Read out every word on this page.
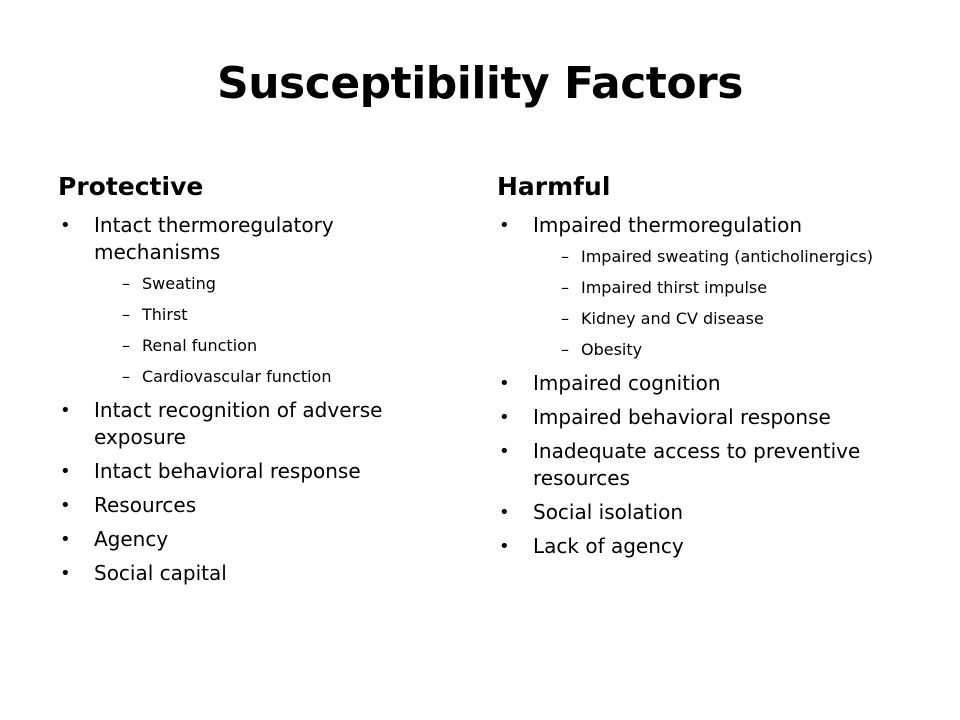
Susceptibility Factors
Protective
• Intact thermoregulatory mechanisms
– Sweating
– Thirst
– Renal function
– Cardiovascular function
• Intact recognition of adverse exposure
• Intact behavioral response
• Resources
• Agency
• Social capital
Harmful
• Impaired thermoregulation
– Impaired sweating (anticholinergics)
– Impaired thirst impulse
– Kidney and CV disease
– Obesity
• Impaired cognition
• Impaired behavioral response
• Inadequate access to preventive resources
• Social isolation
• Lack of agency
